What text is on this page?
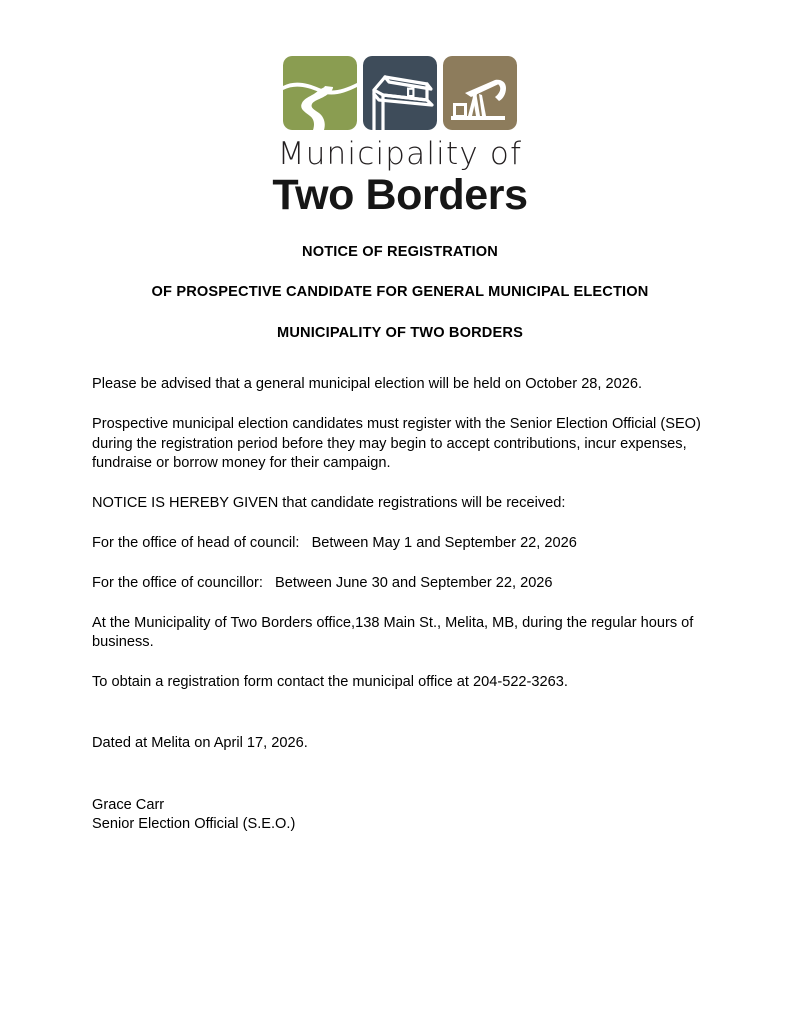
Municipality of
Two Borders

NOTICE OF REGISTRATION

OF PROSPECTIVE CANDIDATE FOR GENERAL MUNICIPAL ELECTION

MUNICIPALITY OF TWO BORDERS

Please be advised that a general municipal election will be held on October 28, 2026.

Prospective municipal election candidates must register with the Senior Election Official (SEO) during the registration period before they may begin to accept contributions, incur expenses, fundraise or borrow money for their campaign.

NOTICE IS HEREBY GIVEN that candidate registrations will be received:

For the office of head of council:   Between May 1 and September 22, 2026

For the office of councillor:   Between June 30 and September 22, 2026

At the Municipality of Two Borders office,138 Main St., Melita, MB, during the regular hours of business.

To obtain a registration form contact the municipal office at 204-522-3263.

Dated at Melita on April 17, 2026.

Grace Carr
Senior Election Official (S.E.O.)
